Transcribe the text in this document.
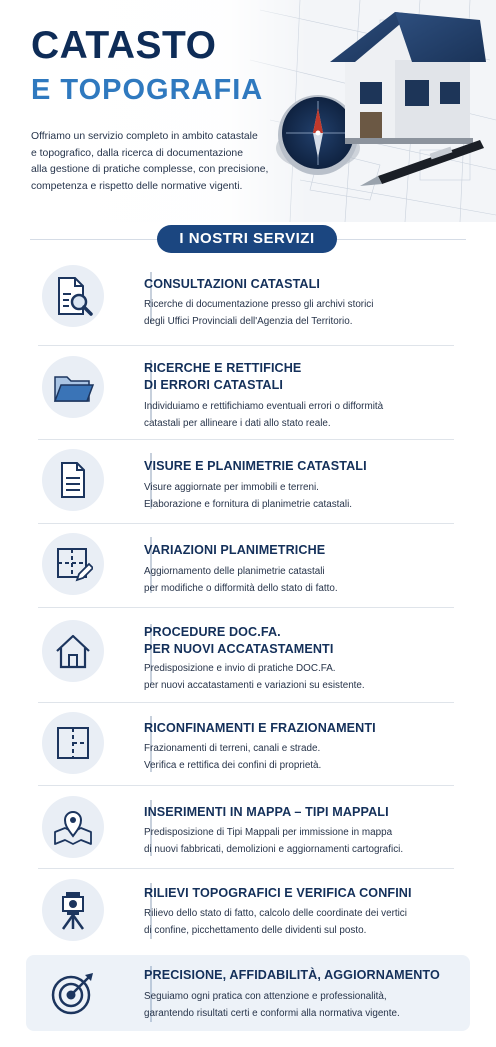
CATASTO
E TOPOGRAFIA
Offriamo un servizio completo in ambito catastale
e topografico, dalla ricerca di documentazione
alla gestione di pratiche complesse, con precisione,
competenza e rispetto delle normative vigenti.
I NOSTRI SERVIZI
CONSULTAZIONI CATASTALI
Ricerche di documentazione presso gli archivi storici
degli Uffici Provinciali dell'Agenzia del Territorio.
RICERCHE E RETTIFICHE
DI ERRORI CATASTALI
Individuiamo e rettifichiamo eventuali errori o difformità
catastali per allineare i dati allo stato reale.
VISURE E PLANIMETRIE CATASTALI
Visure aggiornate per immobili e terreni.
Elaborazione e fornitura di planimetrie catastali.
VARIAZIONI PLANIMETRICHE
Aggiornamento delle planimetrie catastali
per modifiche o difformità dello stato di fatto.
PROCEDURE DOC.FA.
PER NUOVI ACCATASTAMENTI
Predisposizione e invio di pratiche DOC.FA.
per nuovi accatastamenti e variazioni su esistente.
RICONFINAMENTI E FRAZIONAMENTI
Frazionamenti di terreni, canali e strade.
Verifica e rettifica dei confini di proprietà.
INSERIMENTI IN MAPPA – TIPI MAPPALI
Predisposizione di Tipi Mappali per immissione in mappa
di nuovi fabbricati, demolizioni e aggiornamenti cartografici.
RILIEVI TOPOGRAFICI E VERIFICA CONFINI
Rilievo dello stato di fatto, calcolo delle coordinate dei vertici
di confine, picchettamento delle dividenti sul posto.
PRECISIONE, AFFIDABILITÀ, AGGIORNAMENTO
Seguiamo ogni pratica con attenzione e professionalità,
garantendo risultati certi e conformi alla normativa vigente.
